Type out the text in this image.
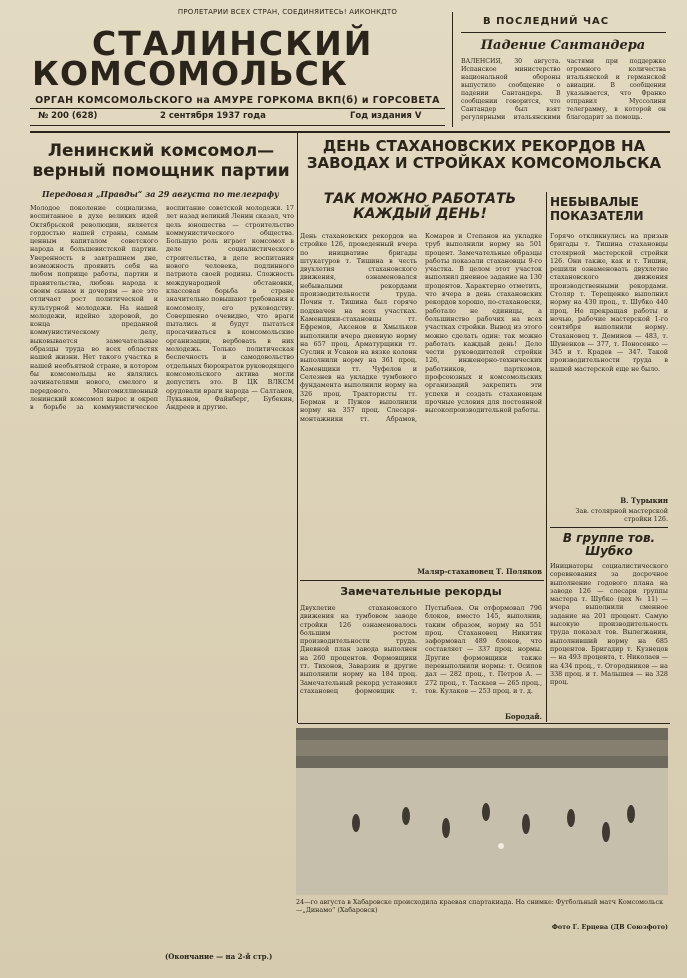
ПРОЛЕТАРИИ ВСЕХ СТРАН, СОЕДИНЯЙТЕСЬ! АИКОНКДТО
СТАЛИНСКИЙ
КОМСОМОЛЬСК
ОРГАН КОМСОМОЛЬСКОГО на АМУРЕ ГОРКОМА ВКП(б) и ГОРСОВЕТА
№ 200 (628)	2 сентября 1937 года	Год издания V
В ПОСЛЕДНИЙ ЧАС
Падение Сантандера
ВАЛЕНСИЯ, 30 августа. Испанское министерство национальной обороны выпустило сообщение о падении Сантандера. В сообщении говорится, что Сантандер был взят регулярными итальянскими частями при поддержке огромного количества итальянской и германской авиации. В сообщении указывается, что Франко отправил Муссолини телеграмму, в которой он благодарит за помощь.
Ленинский комсомол— верный помощник партии
Передовая „Правды“ за 29 августа по телеграфу
Молодое поколение социализма, воспитанное в духе великих идей Октябрьской революции, является гордостью нашей страны, самым ценным капиталом советского народа и большевистской партии. Уверенность в завтрашнем дне, возможность проявить себя на любом поприще работы, партии и правительства, любовь народа к своим сынам и дочерям — все это отличает рост политической и культурной молодежи. На нашей молодежи, идейно здоровой, до конца преданной коммунистическому делу, выковывается замечательные образцы труда во всех областях нашей жизни. Нет такого участка в нашей необъятной стране, в котором бы комсомольцы не являлись зачинателями нового, смелого и передового. Многомиллионный ленинский комсомол вырос и окреп в борьбе за коммунистическое воспитание советской молодежи. 17 лет назад великий Ленин сказал, что цель юношества — строительство коммунистического общества. Большую роль играет комсомол в деле социалистического строительства, в деле воспитания нового человека, подлинного патриота своей родины. Сложность международной обстановки, классовая борьба в стране значительно повышают требования к комсомолу, его руководству. Совершенно очевидно, что враги пытались и будут пытаться просачиваться в комсомольские организации, вербовать в них молодежь. Только политическая беспечность и самодовольство отдельных бюрократов руководящего комсомольского актива могли допустить это. В ЦК ВЛКСМ орудовали враги народа — Салтанов, Лукьянов, Файнберг, Бубекин, Андреев и другие.
(Окончание — на 2-й стр.)
ДЕНЬ СТАХАНОВСКИХ РЕКОРДОВ НА ЗАВОДАХ И СТРОЙКАХ КОМСОМОЛЬСКА
ТАК МОЖНО РАБОТАТЬ КАЖДЫЙ ДЕНЬ!
День стахановских рекордов на стройке 126, проведенный вчера по инициативе бригады штукатуров т. Тишина в честь двухлетия стахановского движения, ознаменовался небывалыми рекордами производительности труда. Почин т. Тишина был горячо подхвачен на всех участках. Каменщики-стахановцы тт. Ефремов, Аксенов и Хмыльков выполнили вчера дневную норму на 657 проц. Арматурщики тт. Суслин и Усанов на вязке колонн выполнили норму на 361 проц. Каменщики тт. Чуфелов и Селезнев на укладке тумбового фундамента выполнили норму на 326 проц. Трактористы тт. Берман и Пужов выполнили норму на 357 проц. Слесаря-монтажники тт. Абрамов, Комаров и Степанов на укладке труб выполнили норму на 501 процент. Замечательные образцы работы показали стахановцы 9-го участка. В целом этот участок выполнил дневное задание на 130 процентов. Характерно отметить, что вчера в день стахановских рекордов хорошо, по-стахановски, работало не единицы, а большинство рабочих на всех участках стройки. Вывод из этого можно сделать один: так можно работать каждый день! Дело чести руководителей стройки 126, инженерно-технических работников, парткомов, профсоюзных и комсомольских организаций закрепить эти успехи и создать стахановцам прочные условия для постоянной высокопроизводительной работы.
Маляр-стахановец Т. Поляков
Замечательные рекорды
Двухлетие стахановского движения на тумбовом заводе стройки 126 ознаменовалось большим ростом производительности труда. Дневной план завода выполнен на 260 процентов. Формовщики тт. Тихонов, Заварзин и другие выполнили норму на 184 проц. Замечательный рекорд установил стахановец формовщик т. Пустыбаев. Он отформовал 796 блоков, вместо 145, выполнив, таким образом, норму на 551 проц. Стахановец Никитин заформовал 489 блоков, что составляет — 337 проц. нормы. Другие формовщики также перевыполнили нормы: т. Осипов дал — 282 проц., т. Петров А. — 272 проц., т. Таскаев — 265 проц., тов. Кулаков — 253 проц. и т. д.
Бородай.
НЕБЫВАЛЫЕ ПОКАЗАТЕЛИ
Горячо откликнулись на призыв бригады т. Тишина стахановцы столярной мастерской стройки 126. Они также, как и т. Тишин, решили ознаменовать двухлетие стахановского движения производственными рекордами. Столяр т. Терещенко выполнил норму на 430 проц., т. Шубко 440 проц. Не прекращая работы и ночью, рабочие мастерской 1-го сентября выполнили норму. Стахановец т. Деминов — 483, т. Шуненков — 377, т. Поносенко — 345 и т. Крадев — 347. Такой производительности труда в нашей мастерской еще не было.
В. Турыкин
Зав. столярной мастерской стройки 126.
В группе тов. Шубко
Инициаторы социалистического соревнования за досрочное выполнение годового плана на заводе 126 — слесари группы мастера т. Шубко (цех № 11) — вчера выполнили сменное задание на 201 процент. Самую высокую производительность труда показал тов. Вылегжанин, выполнивший норму на 685 процентов. Бригадир т. Кузнецов — на 493 процента, т. Николаев — на 434 проц., т. Огородников — на 338 проц. и т. Малышев — на 328 проц.
24—го августа в Хабаровске происходила краевая спартакиада. На снимке: Футбольный матч Комсомольск—„Динамо“ (Хабаровск)
Фото Г. Ерцева (ДВ Союзфото)
